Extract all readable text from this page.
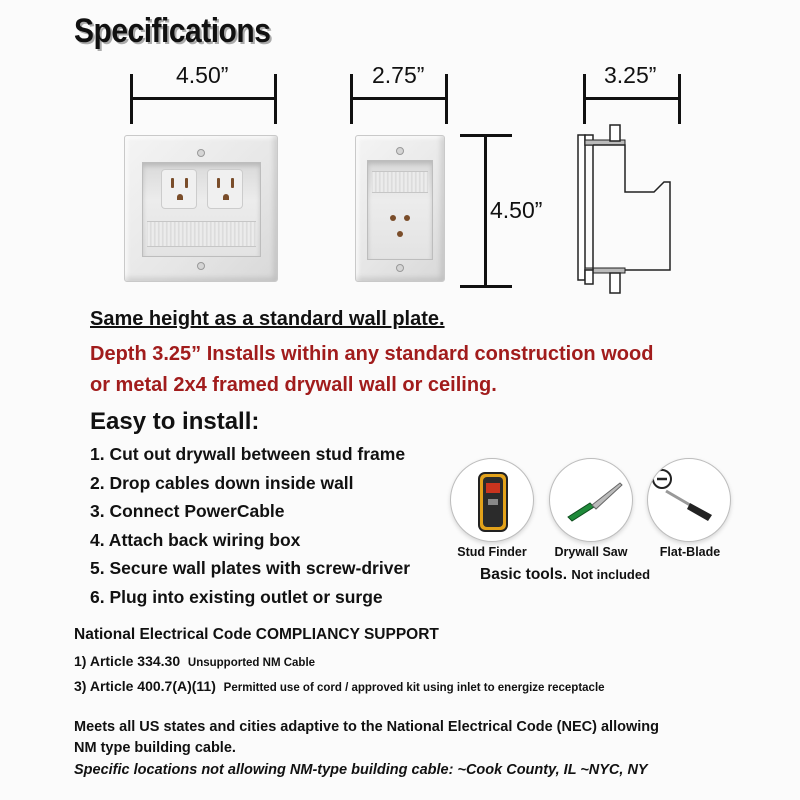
Specifications
4.50”	2.75”	3.25”
4.50”
Same height as a standard wall plate.
Depth 3.25” Installs within any standard construction wood
or metal 2x4 framed drywall wall or ceiling.
Easy to install:
1. Cut out drywall between stud frame
2. Drop cables down inside wall
3. Connect PowerCable
4. Attach back wiring box
5. Secure wall plates with screw-driver
6. Plug into existing outlet or surge
Stud Finder	Drywall Saw	Flat-Blade
Basic tools. Not included
National Electrical Code COMPLIANCY SUPPORT
1) Article 334.30 Unsupported NM Cable
3) Article 400.7(A)(11) Permitted use of cord / approved kit using inlet to energize receptacle
Meets all US states and cities adaptive to the National Electrical Code (NEC) allowing
NM type building cable.
Specific locations not allowing NM-type building cable: ~Cook County, IL ~NYC, NY
